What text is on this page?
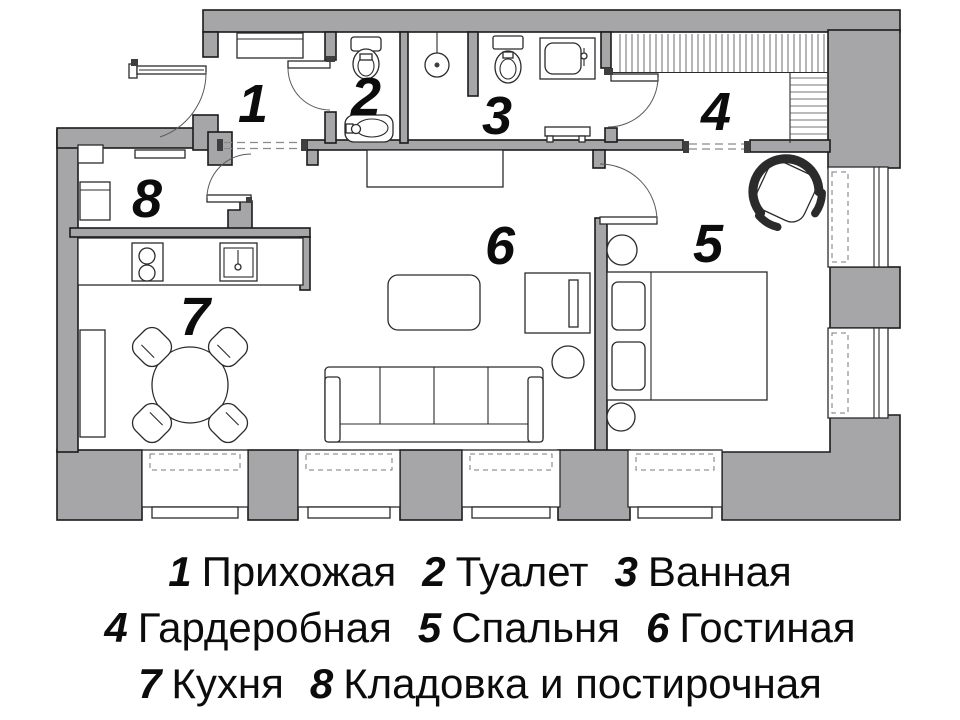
1 2 3	4
5
6
7
8
1 Прихожая 2 Туалет 3 Ванная
4 Гардеробная 5 Спальня 6 Гостиная
7 Кухня 8 Кладовка и постирочная
